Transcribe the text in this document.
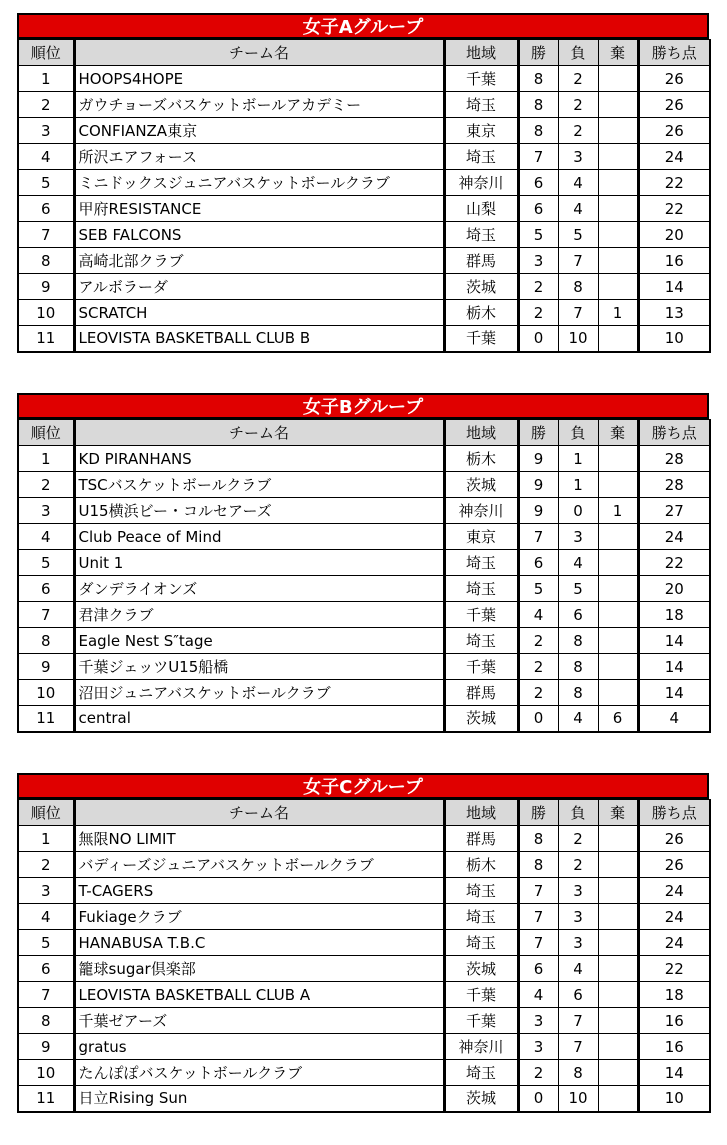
女子Aグループ
順位	チーム名	地域	勝	負	棄	勝ち点
1	HOOPS4HOPE	千葉	8	2		26
2	ガウチョーズバスケットボールアカデミー	埼玉	8	2		26
3	CONFIANZA東京	東京	8	2		26
4	所沢エアフォース	埼玉	7	3		24
5	ミニドックスジュニアバスケットボールクラブ	神奈川	6	4		22
6	甲府RESISTANCE	山梨	6	4		22
7	SEB FALCONS	埼玉	5	5		20
8	高崎北部クラブ	群馬	3	7		16
9	アルボラーダ	茨城	2	8		14
10	SCRATCH	栃木	2	7	1	13
11	LEOVISTA BASKETBALL CLUB B	千葉	0	10		10
女子Bグループ
順位	チーム名	地域	勝	負	棄	勝ち点
1	KD PIRANHANS	栃木	9	1		28
2	TSCバスケットボールクラブ	茨城	9	1		28
3	U15横浜ビー・コルセアーズ	神奈川	9	0	1	27
4	Club Peace of Mind	東京	7	3		24
5	Unit 1	埼玉	6	4		22
6	ダンデライオンズ	埼玉	5	5		20
7	君津クラブ	千葉	4	6		18
8	Eagle Nest S″tage	埼玉	2	8		14
9	千葉ジェッツU15船橋	千葉	2	8		14
10	沼田ジュニアバスケットボールクラブ	群馬	2	8		14
11	central	茨城	0	4	6	4
女子Cグループ
順位	チーム名	地域	勝	負	棄	勝ち点
1	無限NO LIMIT	群馬	8	2		26
2	バディーズジュニアバスケットボールクラブ	栃木	8	2		26
3	T-CAGERS	埼玉	7	3		24
4	Fukiageクラブ	埼玉	7	3		24
5	HANABUSA T.B.C	埼玉	7	3		24
6	籠球sugar倶楽部	茨城	6	4		22
7	LEOVISTA BASKETBALL CLUB A	千葉	4	6		18
8	千葉ゼアーズ	千葉	3	7		16
9	gratus	神奈川	3	7		16
10	たんぽぽバスケットボールクラブ	埼玉	2	8		14
11	日立Rising Sun	茨城	0	10		10
